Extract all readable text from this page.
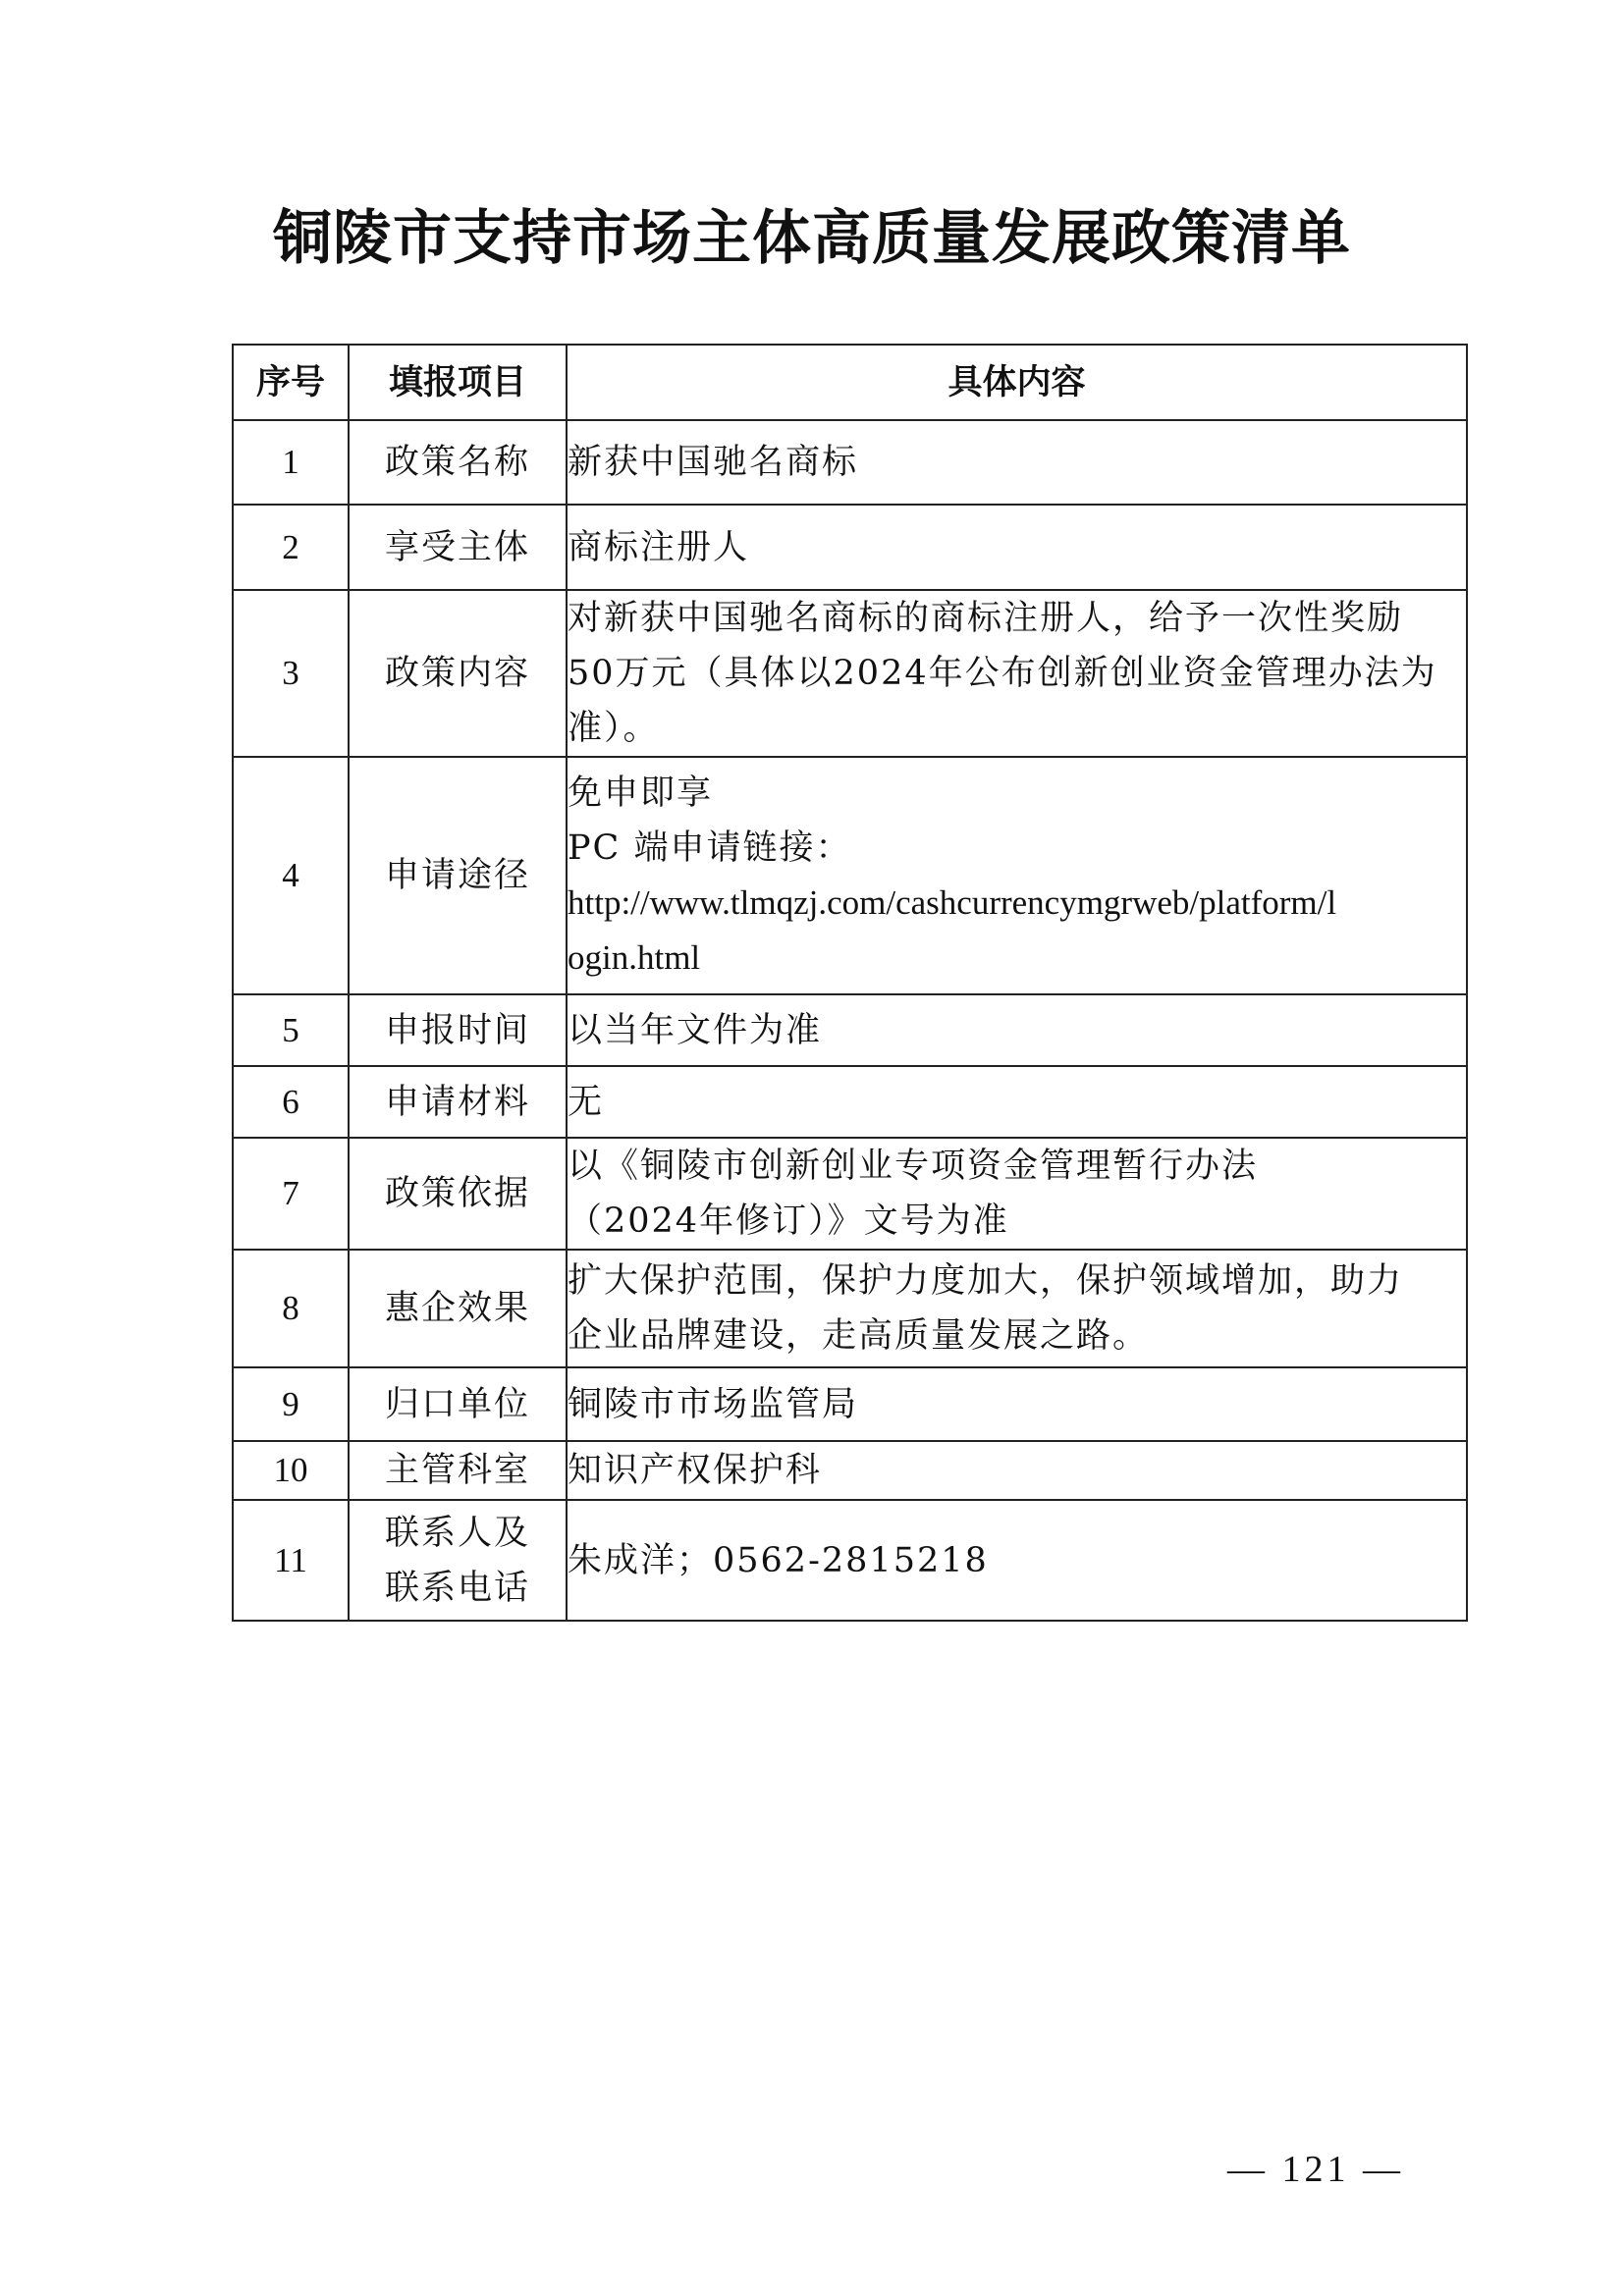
铜陵市支持市场主体高质量发展政策清单
序号	填报项目	具体内容
1	政策名称	新获中国驰名商标

2	享受主体	商标注册人

3	政策内容	对新获中国驰名商标的商标注册人，给予一次性奖励
50万元（具体以2024年公布创新创业资金管理办法为
准）。

4	申请途径	免申即享
PC 端申请链接：
http://www.tlmqzj.com/cashcurrencymgrweb/platform/l
ogin.html

5	申报时间	以当年文件为准

6	申请材料	无

7	政策依据	以《铜陵市创新创业专项资金管理暂行办法
（2024年修订）》文号为准

8	惠企效果	扩大保护范围，保护力度加大，保护领域增加，助力
企业品牌建设，走高质量发展之路。

9	归口单位	铜陵市市场监管局

10	主管科室	知识产权保护科

11	联系人及
联系电话	朱成洋；0562-2815218
— 121 —
